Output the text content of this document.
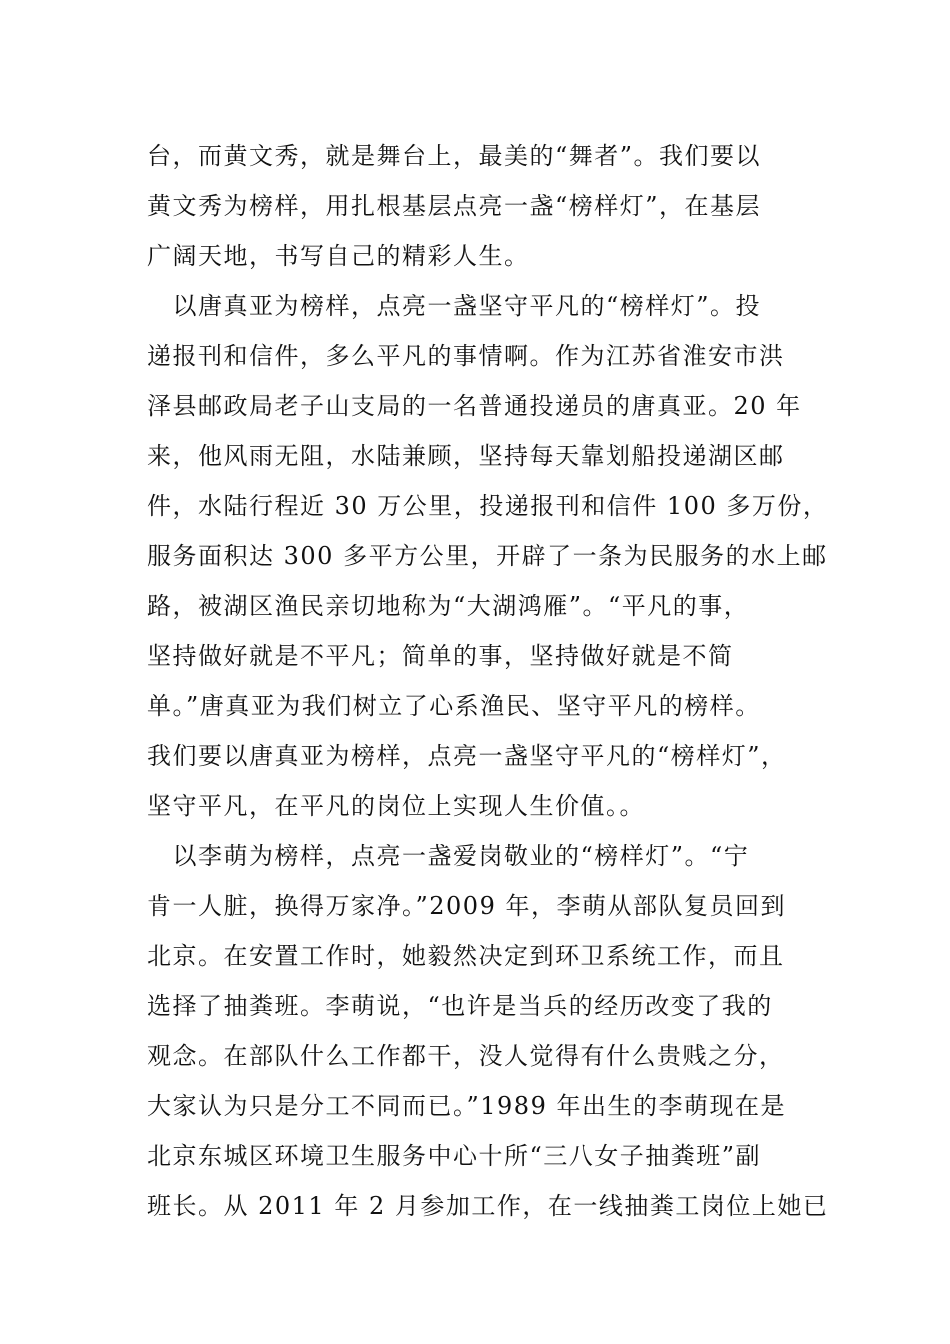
台，而黄文秀，就是舞台上，最美的“舞者”。我们要以
黄文秀为榜样，用扎根基层点亮一盏“榜样灯”，在基层
广阔天地，书写自己的精彩人生。
　以唐真亚为榜样，点亮一盏坚守平凡的“榜样灯”。投
递报刊和信件，多么平凡的事情啊。作为江苏省淮安市洪
泽县邮政局老子山支局的一名普通投递员的唐真亚。20 年
来，他风雨无阻，水陆兼顾，坚持每天靠划船投递湖区邮
件，水陆行程近 30 万公里，投递报刊和信件 100 多万份，
服务面积达 300 多平方公里，开辟了一条为民服务的水上邮
路，被湖区渔民亲切地称为“大湖鸿雁”。“平凡的事，
坚持做好就是不平凡；简单的事，坚持做好就是不简
单。”唐真亚为我们树立了心系渔民、坚守平凡的榜样。
我们要以唐真亚为榜样，点亮一盏坚守平凡的“榜样灯”，
坚守平凡，在平凡的岗位上实现人生价值。。
　以李萌为榜样，点亮一盏爱岗敬业的“榜样灯”。“宁
肯一人脏，换得万家净。”2009 年，李萌从部队复员回到
北京。在安置工作时，她毅然决定到环卫系统工作，而且
选择了抽粪班。李萌说，“也许是当兵的经历改变了我的
观念。在部队什么工作都干，没人觉得有什么贵贱之分，
大家认为只是分工不同而已。”1989 年出生的李萌现在是
北京东城区环境卫生服务中心十所“三八女子抽粪班”副
班长。从 2011 年 2 月参加工作，在一线抽粪工岗位上她已
